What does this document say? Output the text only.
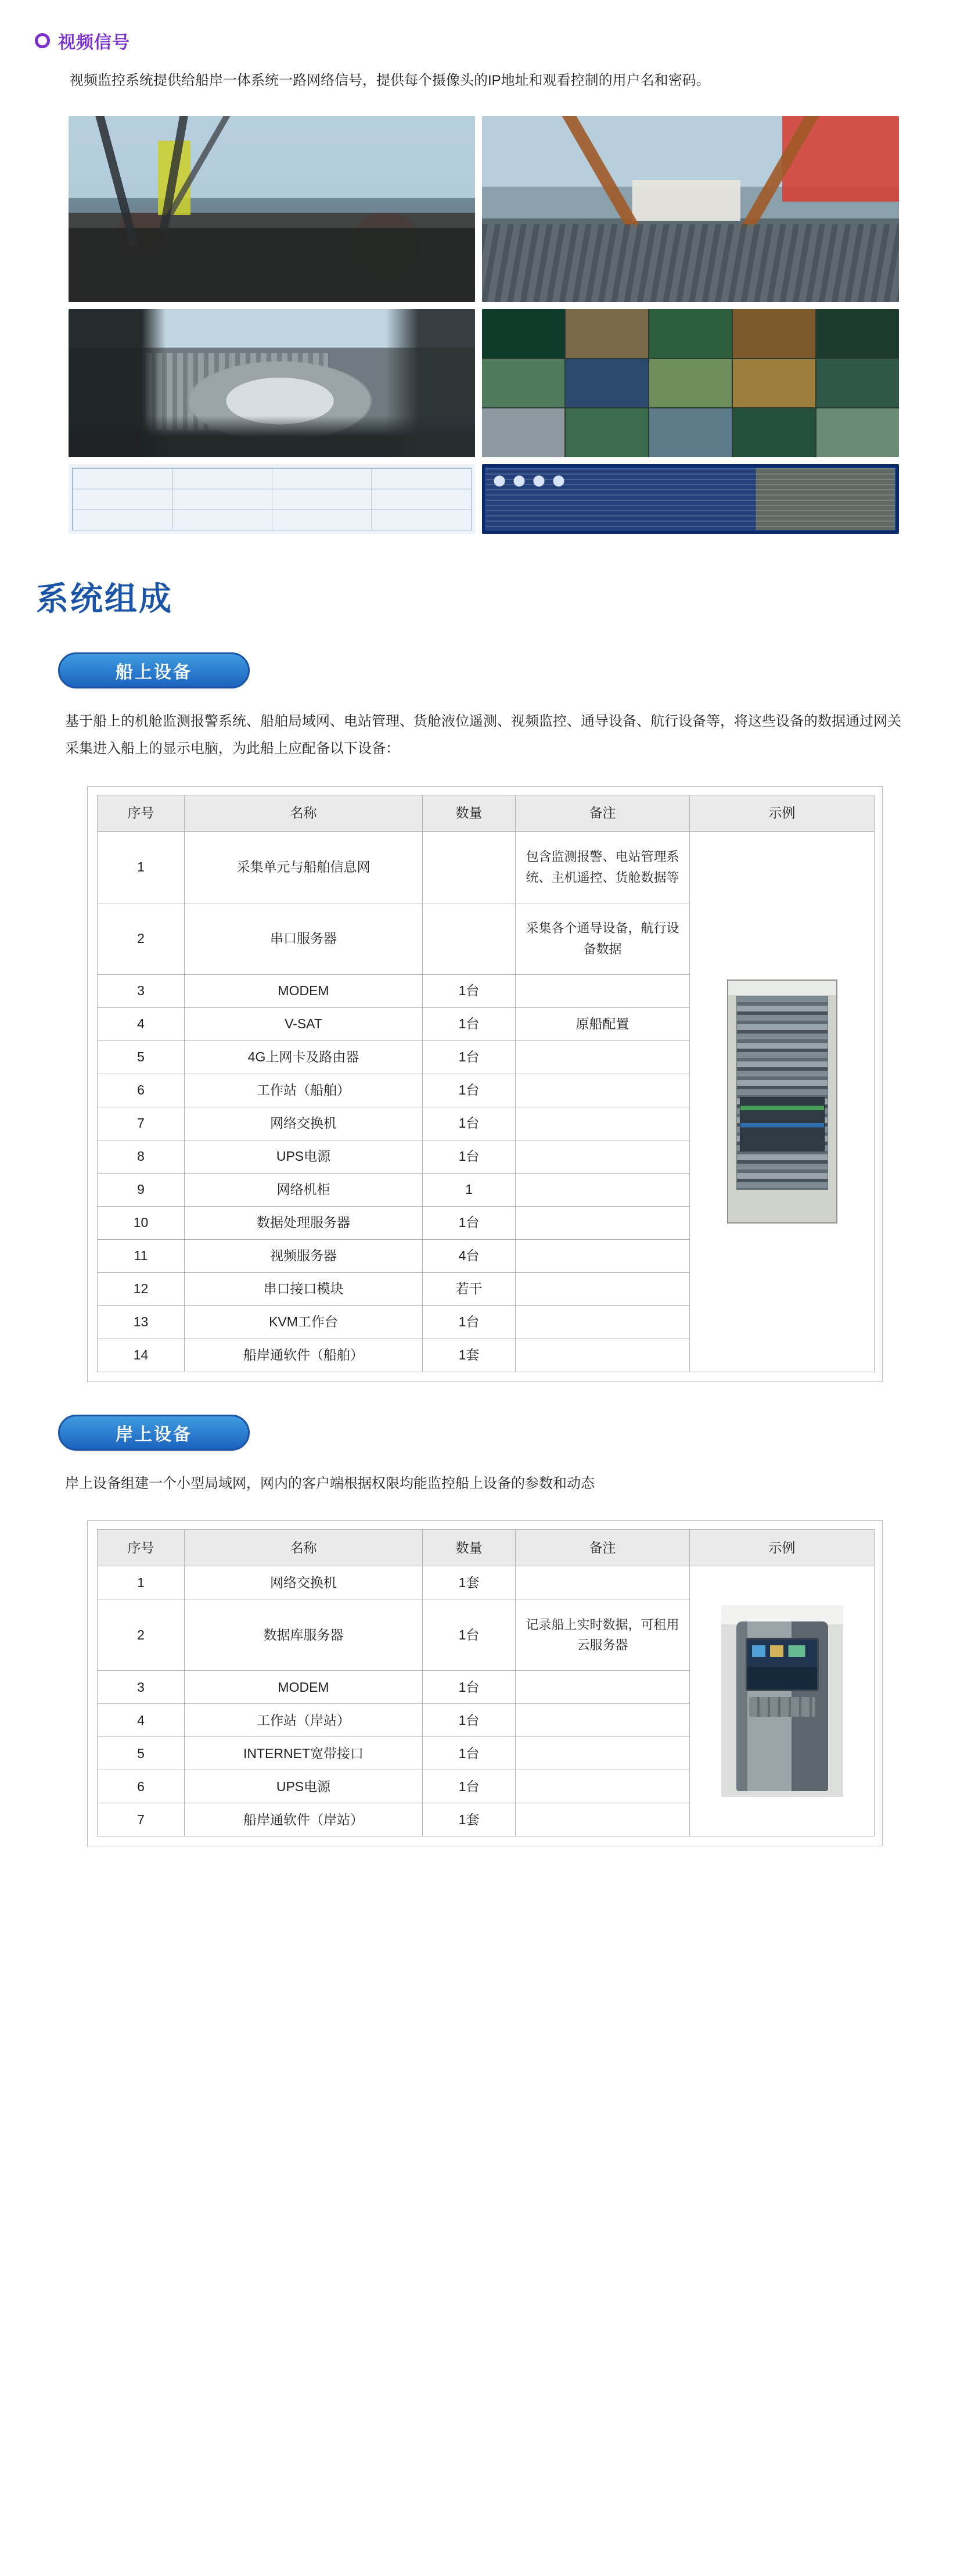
视频信号

视频监控系统提供给船岸一体系统一路网络信号，提供每个摄像头的IP地址和观看控制的用户名和密码。

系统组成
船上设备

基于船上的机舱监测报警系统、船舶局域网、电站管理、货舱液位遥测、视频监控、通导设备、航行设备等，将这些设备的数据通过网关采集进入船上的显示电脑，为此船上应配备以下设备：

序号	名称	数量	备注	示例
1	采集单元与船舶信息网		包含监测报警、电站管理系统、主机遥控、货舱数据等	

2	串口服务器		采集各个通导设备，航行设备数据	
3	MODEM	1台		
4	V-SAT	1台	原船配置	
5	4G上网卡及路由器	1台		
6	工作站（船舶）	1台		
7	网络交换机	1台		
8	UPS电源	1台		
9	网络机柜	1		
10	数据处理服务器	1台		
11	视频服务器	4台		
12	串口接口模块	若干		
13	KVM工作台	1台		
14	船岸通软件（船舶）	1套		
岸上设备

岸上设备组建一个小型局域网，网内的客户端根据权限均能监控船上设备的参数和动态

序号	名称	数量	备注	示例
1	网络交换机	1套		

2	数据库服务器	1台	记录船上实时数据，可租用云服务器	
3	MODEM	1台		
4	工作站（岸站）	1台		
5	INTERNET宽带接口	1台		
6	UPS电源	1台		
7	船岸通软件（岸站）	1套		
